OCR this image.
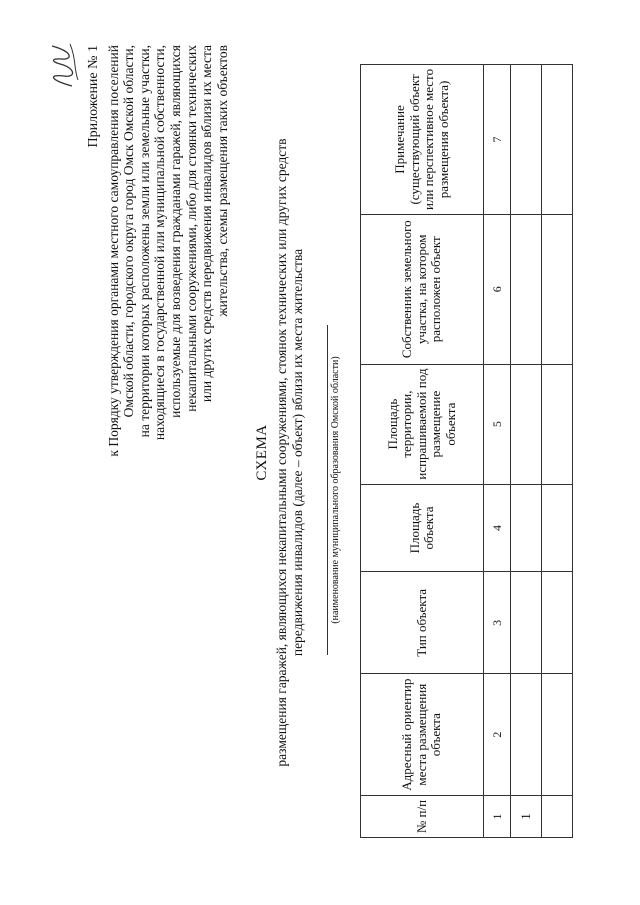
Приложение № 1 к Порядку утверждения органами местного самоуправления поселений Омской области, городского округа город Омск Омской области, на территории которых расположены земли или земельные участки, находящиеся в государственной или муниципальной собственности, используемые для возведения гражданами гаражей, являющихся некапитальными сооружениями, либо для стоянки технических или других средств передвижения инвалидов вблизи их места жительства, схемы размещения таких объектов
СХЕМА размещения гаражей, являющихся некапитальными сооружениями, стоянок технических или других средств передвижения инвалидов (далее – объект) вблизи их места жительства	(наименование муниципального образования Омской области)
№ п/п	Адресный ориентир места размещения объекта	Тип объекта	Площадь объекта	Площадь территории, испрашиваемой под размещение объекта	Собственник земельного участка, на котором расположен объект	Примечание (существующий объект или перспективное место размещения объекта)
1	2	3	4	5	6	7
1						
